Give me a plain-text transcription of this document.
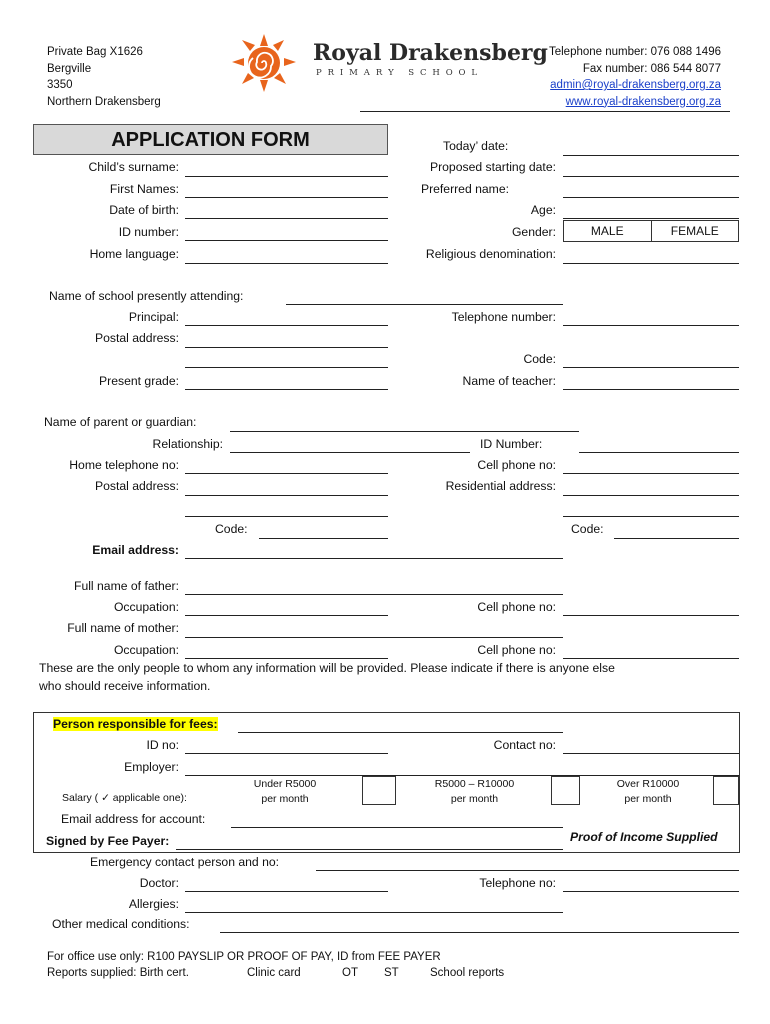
Private Bag X1626
Bergville
3350
Northern Drakensberg
Royal Drakensberg
P R I M A R Y   S C H O O L
Telephone number: 076 088 1496
Fax number: 086 544 8077
admin@royal-drakensberg.org.za
www.royal-drakensberg.org.za
APPLICATION FORM	Today’ date:
Child’s surname:	Proposed starting date:
First Names:	Preferred name:
Date of birth:	Age:
ID number:	Gender:	MALE	FEMALE
Home language:	Religious denomination:
Name of school presently attending:
Principal:	Telephone number:
Postal address:
Code:
Present grade:	Name of teacher:
Name of parent or guardian:
Relationship:	ID Number:
Home telephone no:	Cell phone no:
Postal address:	Residential address:
Code:	Code:
Email address:
Full name of father:
Occupation:	Cell phone no:
Full name of mother:
Occupation:	Cell phone no:
These are the only people to whom any information will be provided. Please indicate if there is anyone else
who should receive information.
Person responsible for fees:
ID no:	Contact no:
Employer:
Salary ( ✓ applicable one):
Under R5000
per month
R5000 – R10000
per month
Over R10000
per month
Email address for account:
Signed by Fee Payer:	Proof of Income Supplied
Emergency contact person and no:
Doctor:	Telephone no:
Allergies:
Other medical conditions:
For office use only: R100 PAYSLIP OR PROOF OF PAY, ID from FEE PAYER
Reports supplied: Birth cert.	Clinic card	OT ST	School reports
